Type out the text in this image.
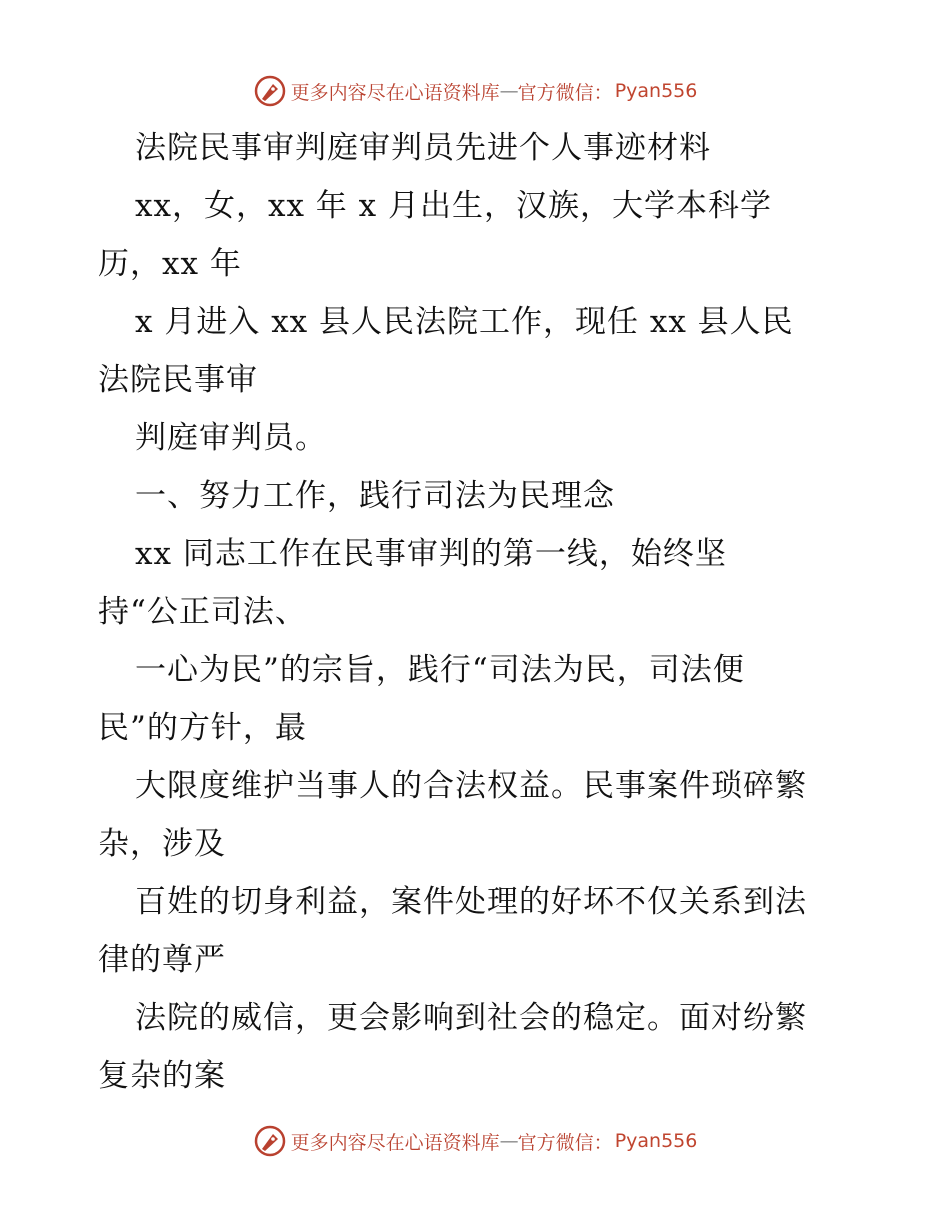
更多内容尽在心语资料库 — 官方微信： Pyan556
法院民事审判庭审判员先进个人事迹材料
xx，女，xx 年 x 月出生，汉族，大学本科学
历，xx 年
x 月进入 xx 县人民法院工作，现任 xx 县人民
法院民事审
判庭审判员。
一、努力工作，践行司法为民理念
xx 同志工作在民事审判的第一线，始终坚
持“公正司法、
一心为民”的宗旨，践行“司法为民，司法便
民”的方针，最
大限度维护当事人的合法权益。民事案件琐碎繁
杂，涉及
百姓的切身利益，案件处理的好坏不仅关系到法
律的尊严
法院的威信，更会影响到社会的稳定。面对纷繁
复杂的案
更多内容尽在心语资料库 — 官方微信： Pyan556
